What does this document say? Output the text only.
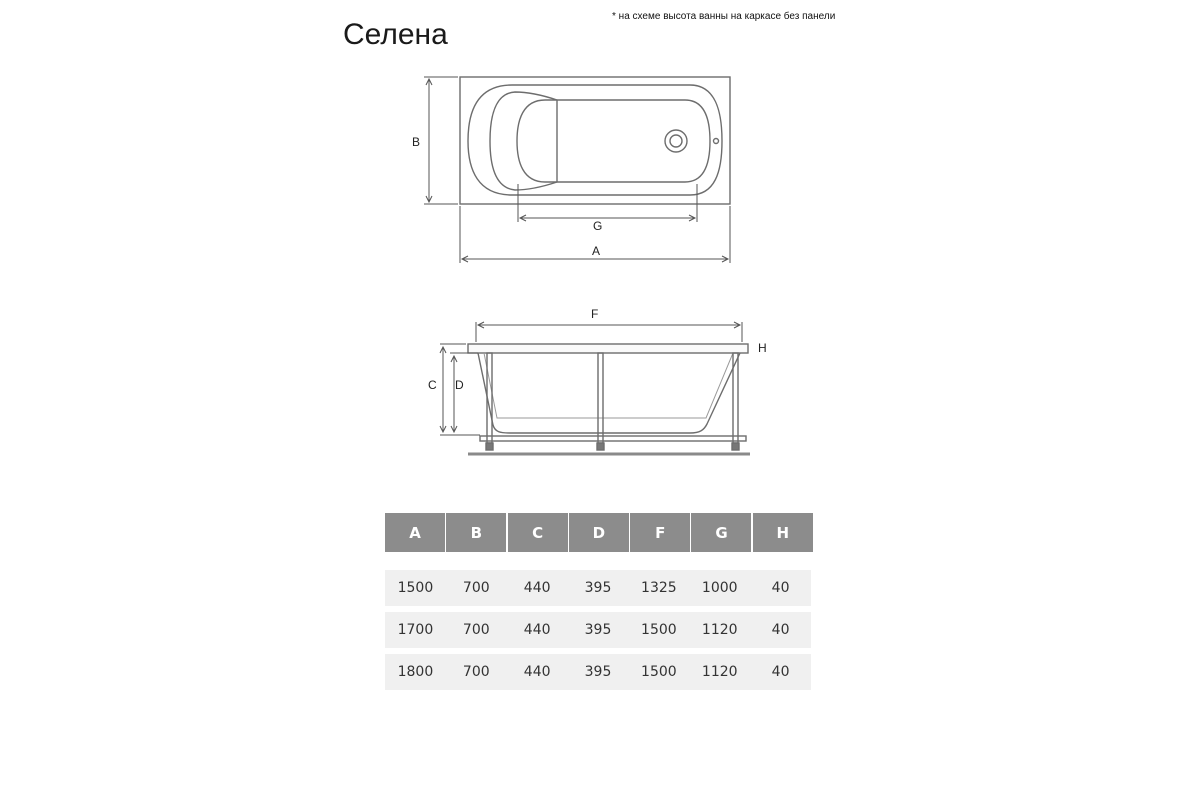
Селена
* на схеме высота ванны на каркасе без панели
B
G
A
F
H
C D
A	B	C	D	F	G	H
1500	700	440	395	1325	1000	40
1700	700	440	395	1500	1120	40
1800	700	440	395	1500	1120	40
